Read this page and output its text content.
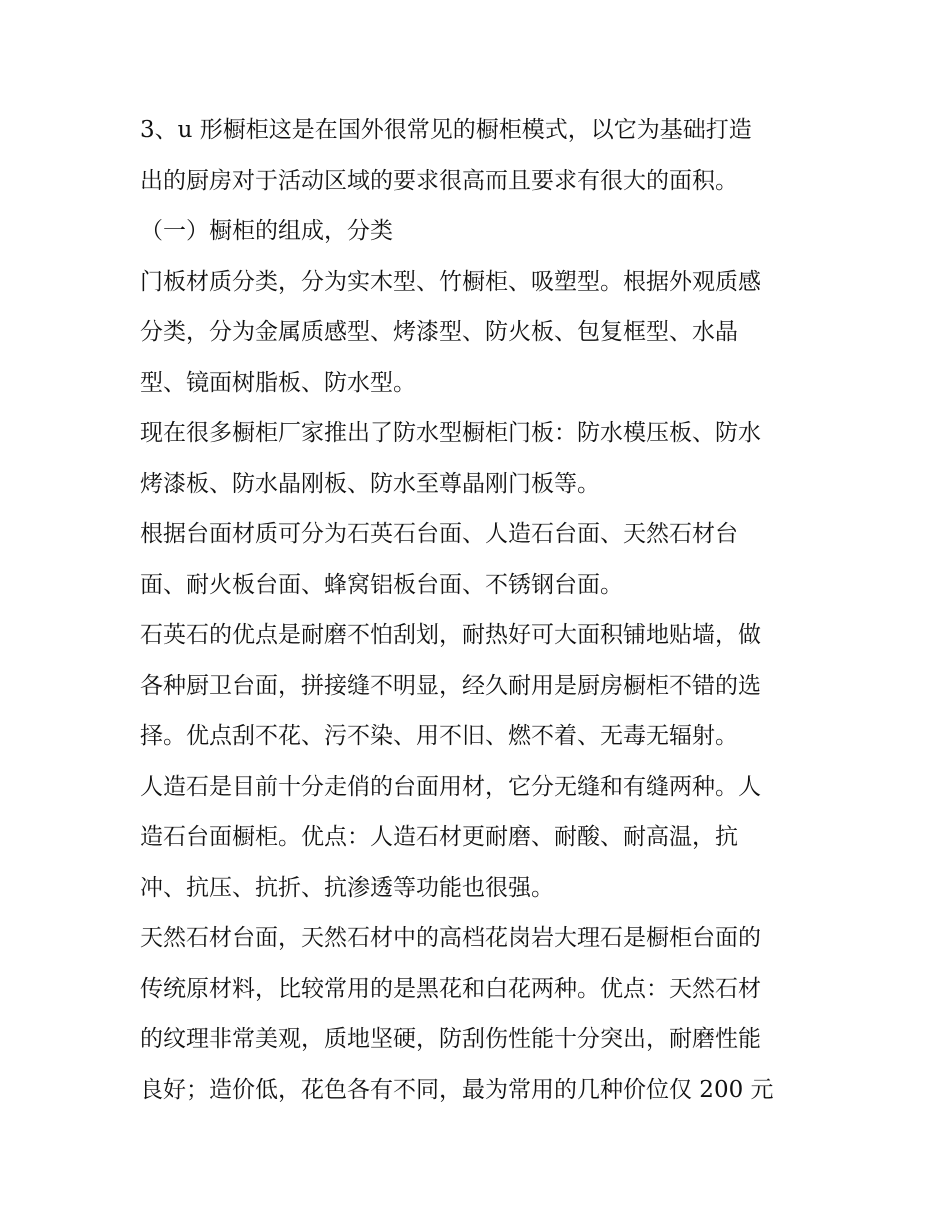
3、u 形橱柜这是在国外很常见的橱柜模式，以它为基础打造
出的厨房对于活动区域的要求很高而且要求有很大的面积。
（一）橱柜的组成，分类
门板材质分类，分为实木型、竹橱柜、吸塑型。根据外观质感
分类，分为金属质感型、烤漆型、防火板、包复框型、水晶
型、镜面树脂板、防水型。
现在很多橱柜厂家推出了防水型橱柜门板：防水模压板、防水
烤漆板、防水晶刚板、防水至尊晶刚门板等。
根据台面材质可分为石英石台面、人造石台面、天然石材台
面、耐火板台面、蜂窝铝板台面、不锈钢台面。
石英石的优点是耐磨不怕刮划，耐热好可大面积铺地贴墙，做
各种厨卫台面，拼接缝不明显，经久耐用是厨房橱柜不错的选
择。优点刮不花、污不染、用不旧、燃不着、无毒无辐射。
人造石是目前十分走俏的台面用材，它分无缝和有缝两种。人
造石台面橱柜。优点：人造石材更耐磨、耐酸、耐高温，抗
冲、抗压、抗折、抗渗透等功能也很强。
天然石材台面，天然石材中的高档花岗岩大理石是橱柜台面的
传统原材料，比较常用的是黑花和白花两种。优点：天然石材
的纹理非常美观，质地坚硬，防刮伤性能十分突出，耐磨性能
良好；造价低，花色各有不同，最为常用的几种价位仅 200 元
